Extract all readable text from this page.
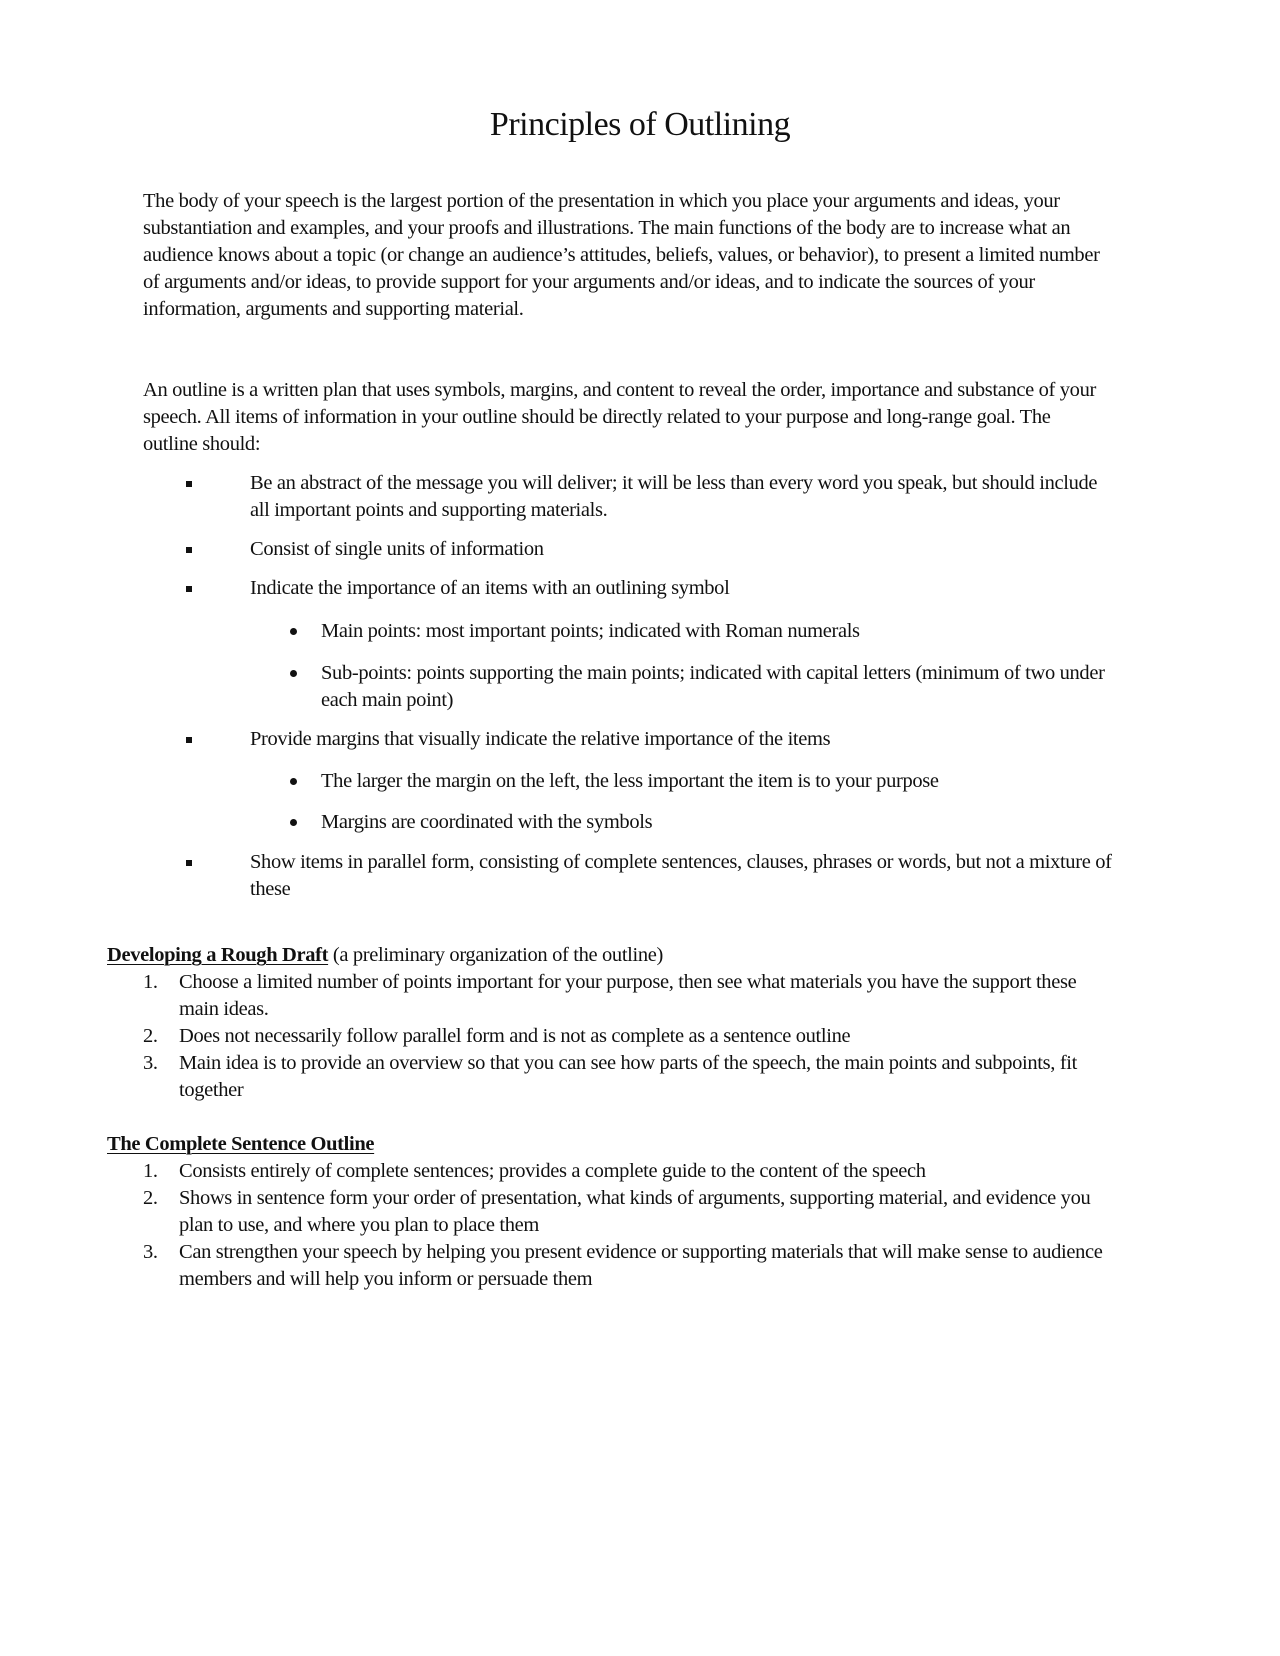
Principles of Outlining
The body of your speech is the largest portion of the presentation in which you place your arguments and ideas, your substantiation and examples, and your proofs and illustrations. The main functions of the body are to increase what an audience knows about a topic (or change an audience’s attitudes, beliefs, values, or behavior), to present a limited number of arguments and/or ideas, to provide support for your arguments and/or ideas, and to indicate the sources of your information, arguments and supporting material.
An outline is a written plan that uses symbols, margins, and content to reveal the order, importance and substance of your speech. All items of information in your outline should be directly related to your purpose and long-range goal. The outline should:
Be an abstract of the message you will deliver; it will be less than every word you speak, but should include all important points and supporting materials.
Consist of single units of information
Indicate the importance of an items with an outlining symbol
Main points: most important points; indicated with Roman numerals
Sub-points: points supporting the main points; indicated with capital letters (minimum of two under each main point)
Provide margins that visually indicate the relative importance of the items
The larger the margin on the left, the less important the item is to your purpose
Margins are coordinated with the symbols
Show items in parallel form, consisting of complete sentences, clauses, phrases or words, but not a mixture of these
Developing a Rough Draft (a preliminary organization of the outline)
1. Choose a limited number of points important for your purpose, then see what materials you have the support these main ideas.
2. Does not necessarily follow parallel form and is not as complete as a sentence outline
3. Main idea is to provide an overview so that you can see how parts of the speech, the main points and subpoints, fit together
The Complete Sentence Outline
1. Consists entirely of complete sentences; provides a complete guide to the content of the speech
2. Shows in sentence form your order of presentation, what kinds of arguments, supporting material, and evidence you plan to use, and where you plan to place them
3. Can strengthen your speech by helping you present evidence or supporting materials that will make sense to audience members and will help you inform or persuade them
